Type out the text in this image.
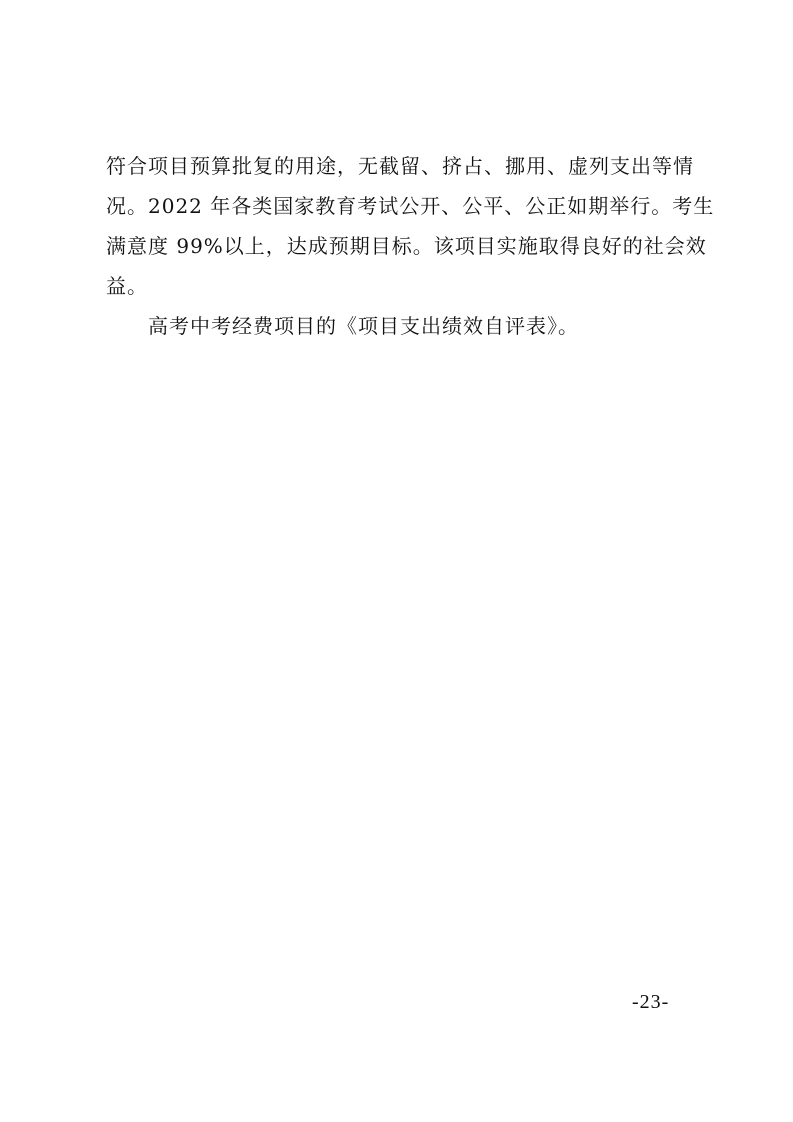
符合项目预算批复的用途，无截留、挤占、挪用、虚列支出等情
况。2022 年各类国家教育考试公开、公平、公正如期举行。考生
满意度 99%以上，达成预期目标。该项目实施取得良好的社会效
益。
高考中考经费项目的《项目支出绩效自评表》。
-23-
